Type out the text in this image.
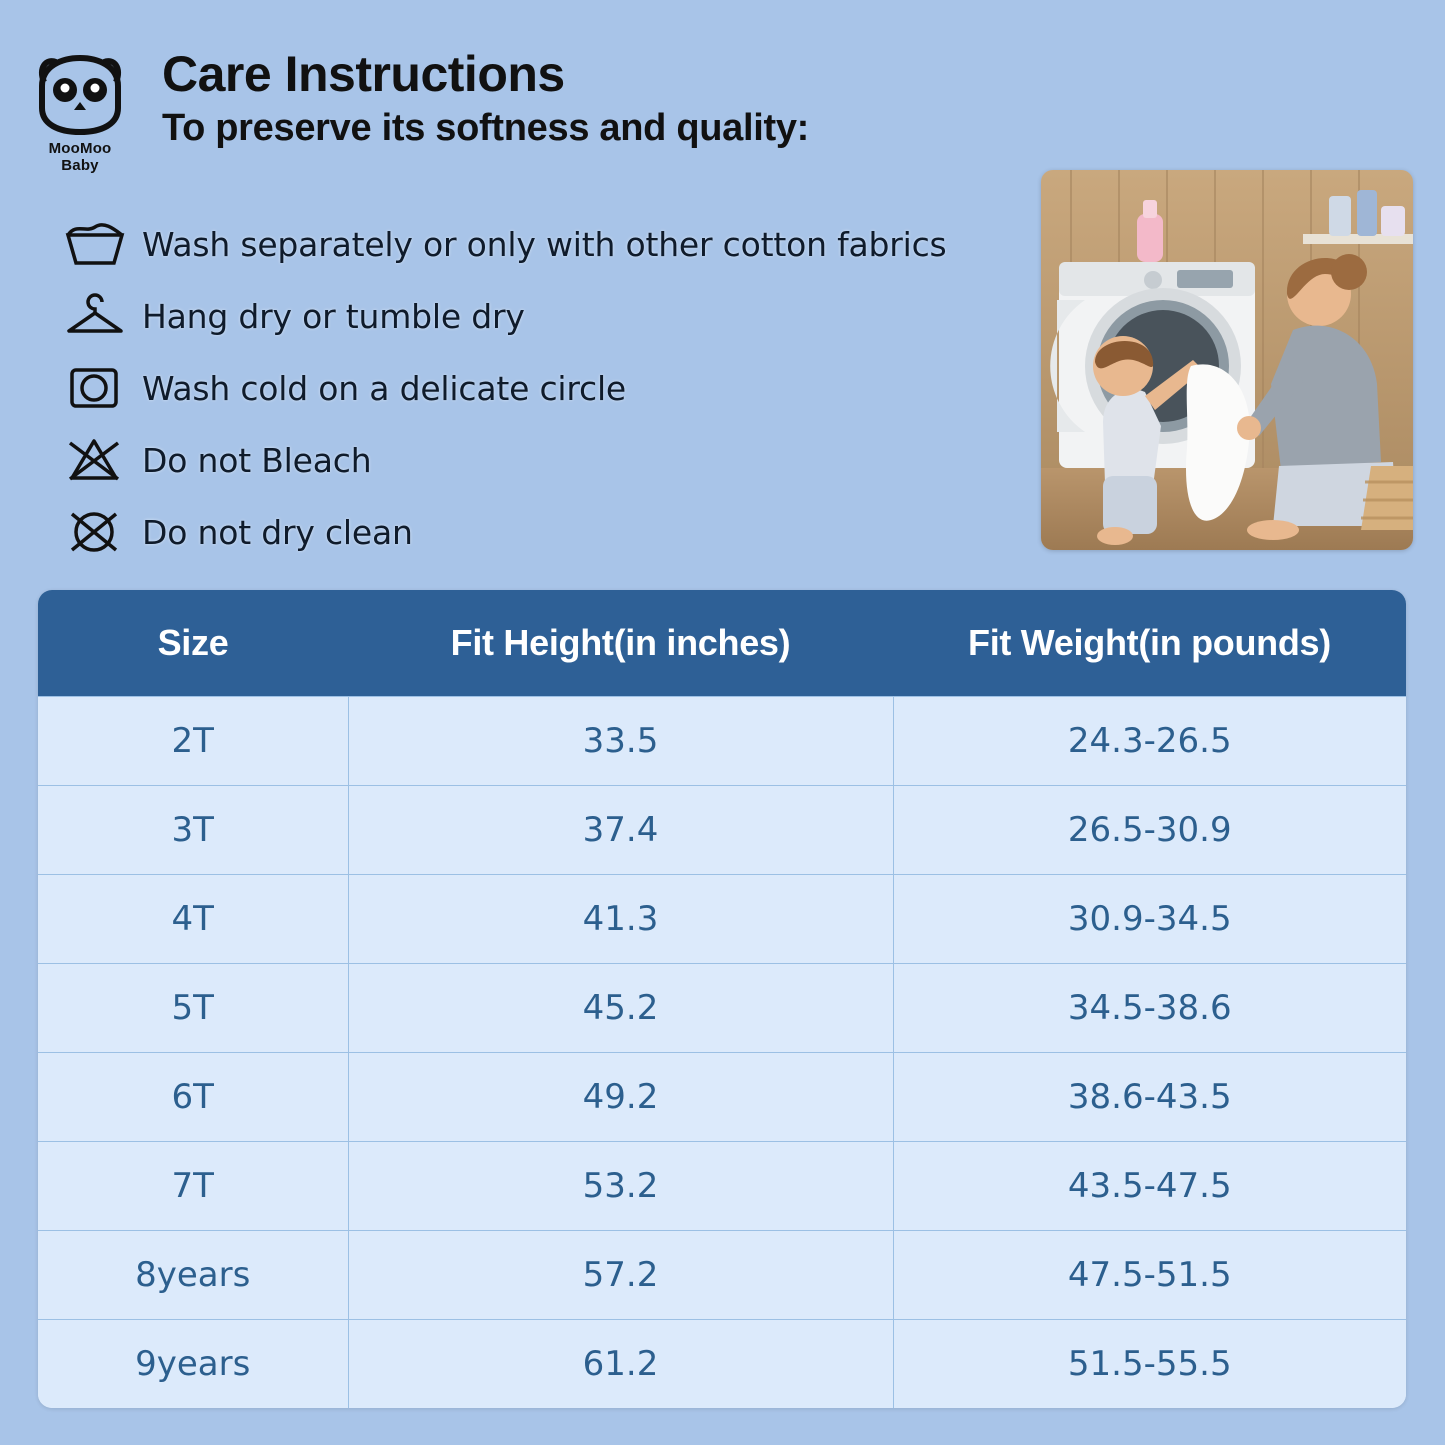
MooMoo Baby
Care Instructions
To preserve its softness and quality:
Wash separately or only with other cotton fabrics
Hang dry or tumble dry
Wash cold on a delicate circle
Do not Bleach
Do not dry clean
Size	Fit Height(in inches)	Fit Weight(in pounds)
2T	33.5	24.3-26.5
3T	37.4	26.5-30.9
4T	41.3	30.9-34.5
5T	45.2	34.5-38.6
6T	49.2	38.6-43.5
7T	53.2	43.5-47.5
8years	57.2	47.5-51.5
9years	61.2	51.5-55.5
